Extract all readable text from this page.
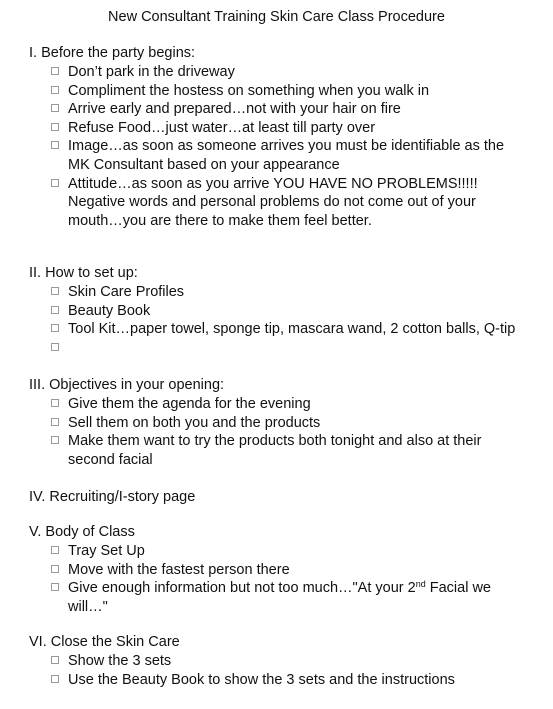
New Consultant Training Skin Care Class Procedure
I. Before the party begins:
Don’t park in the driveway
Compliment the hostess on something when you walk in
Arrive early and prepared…not with your hair on fire
Refuse Food…just water…at least till party over
Image…as soon as someone arrives you must be identifiable as the MK Consultant based on your appearance
Attitude…as soon as you arrive YOU HAVE NO PROBLEMS!!!!! Negative words and personal problems do not come out of your mouth…you are there to make them feel better.
II. How to set up:
Skin Care Profiles
Beauty Book
Tool Kit…paper towel, sponge tip, mascara wand, 2 cotton balls, Q-tip
III. Objectives in your opening:
Give them the agenda for the evening
Sell them on both you and the products
Make them want to try the products both tonight and also at their second facial
IV. Recruiting/I-story page
V. Body of Class
Tray Set Up
Move with the fastest person there
Give enough information but not too much…"At your 2nd Facial we will…"
VI. Close the Skin Care
Show the 3 sets
Use the Beauty Book to show the 3 sets and the instructions
